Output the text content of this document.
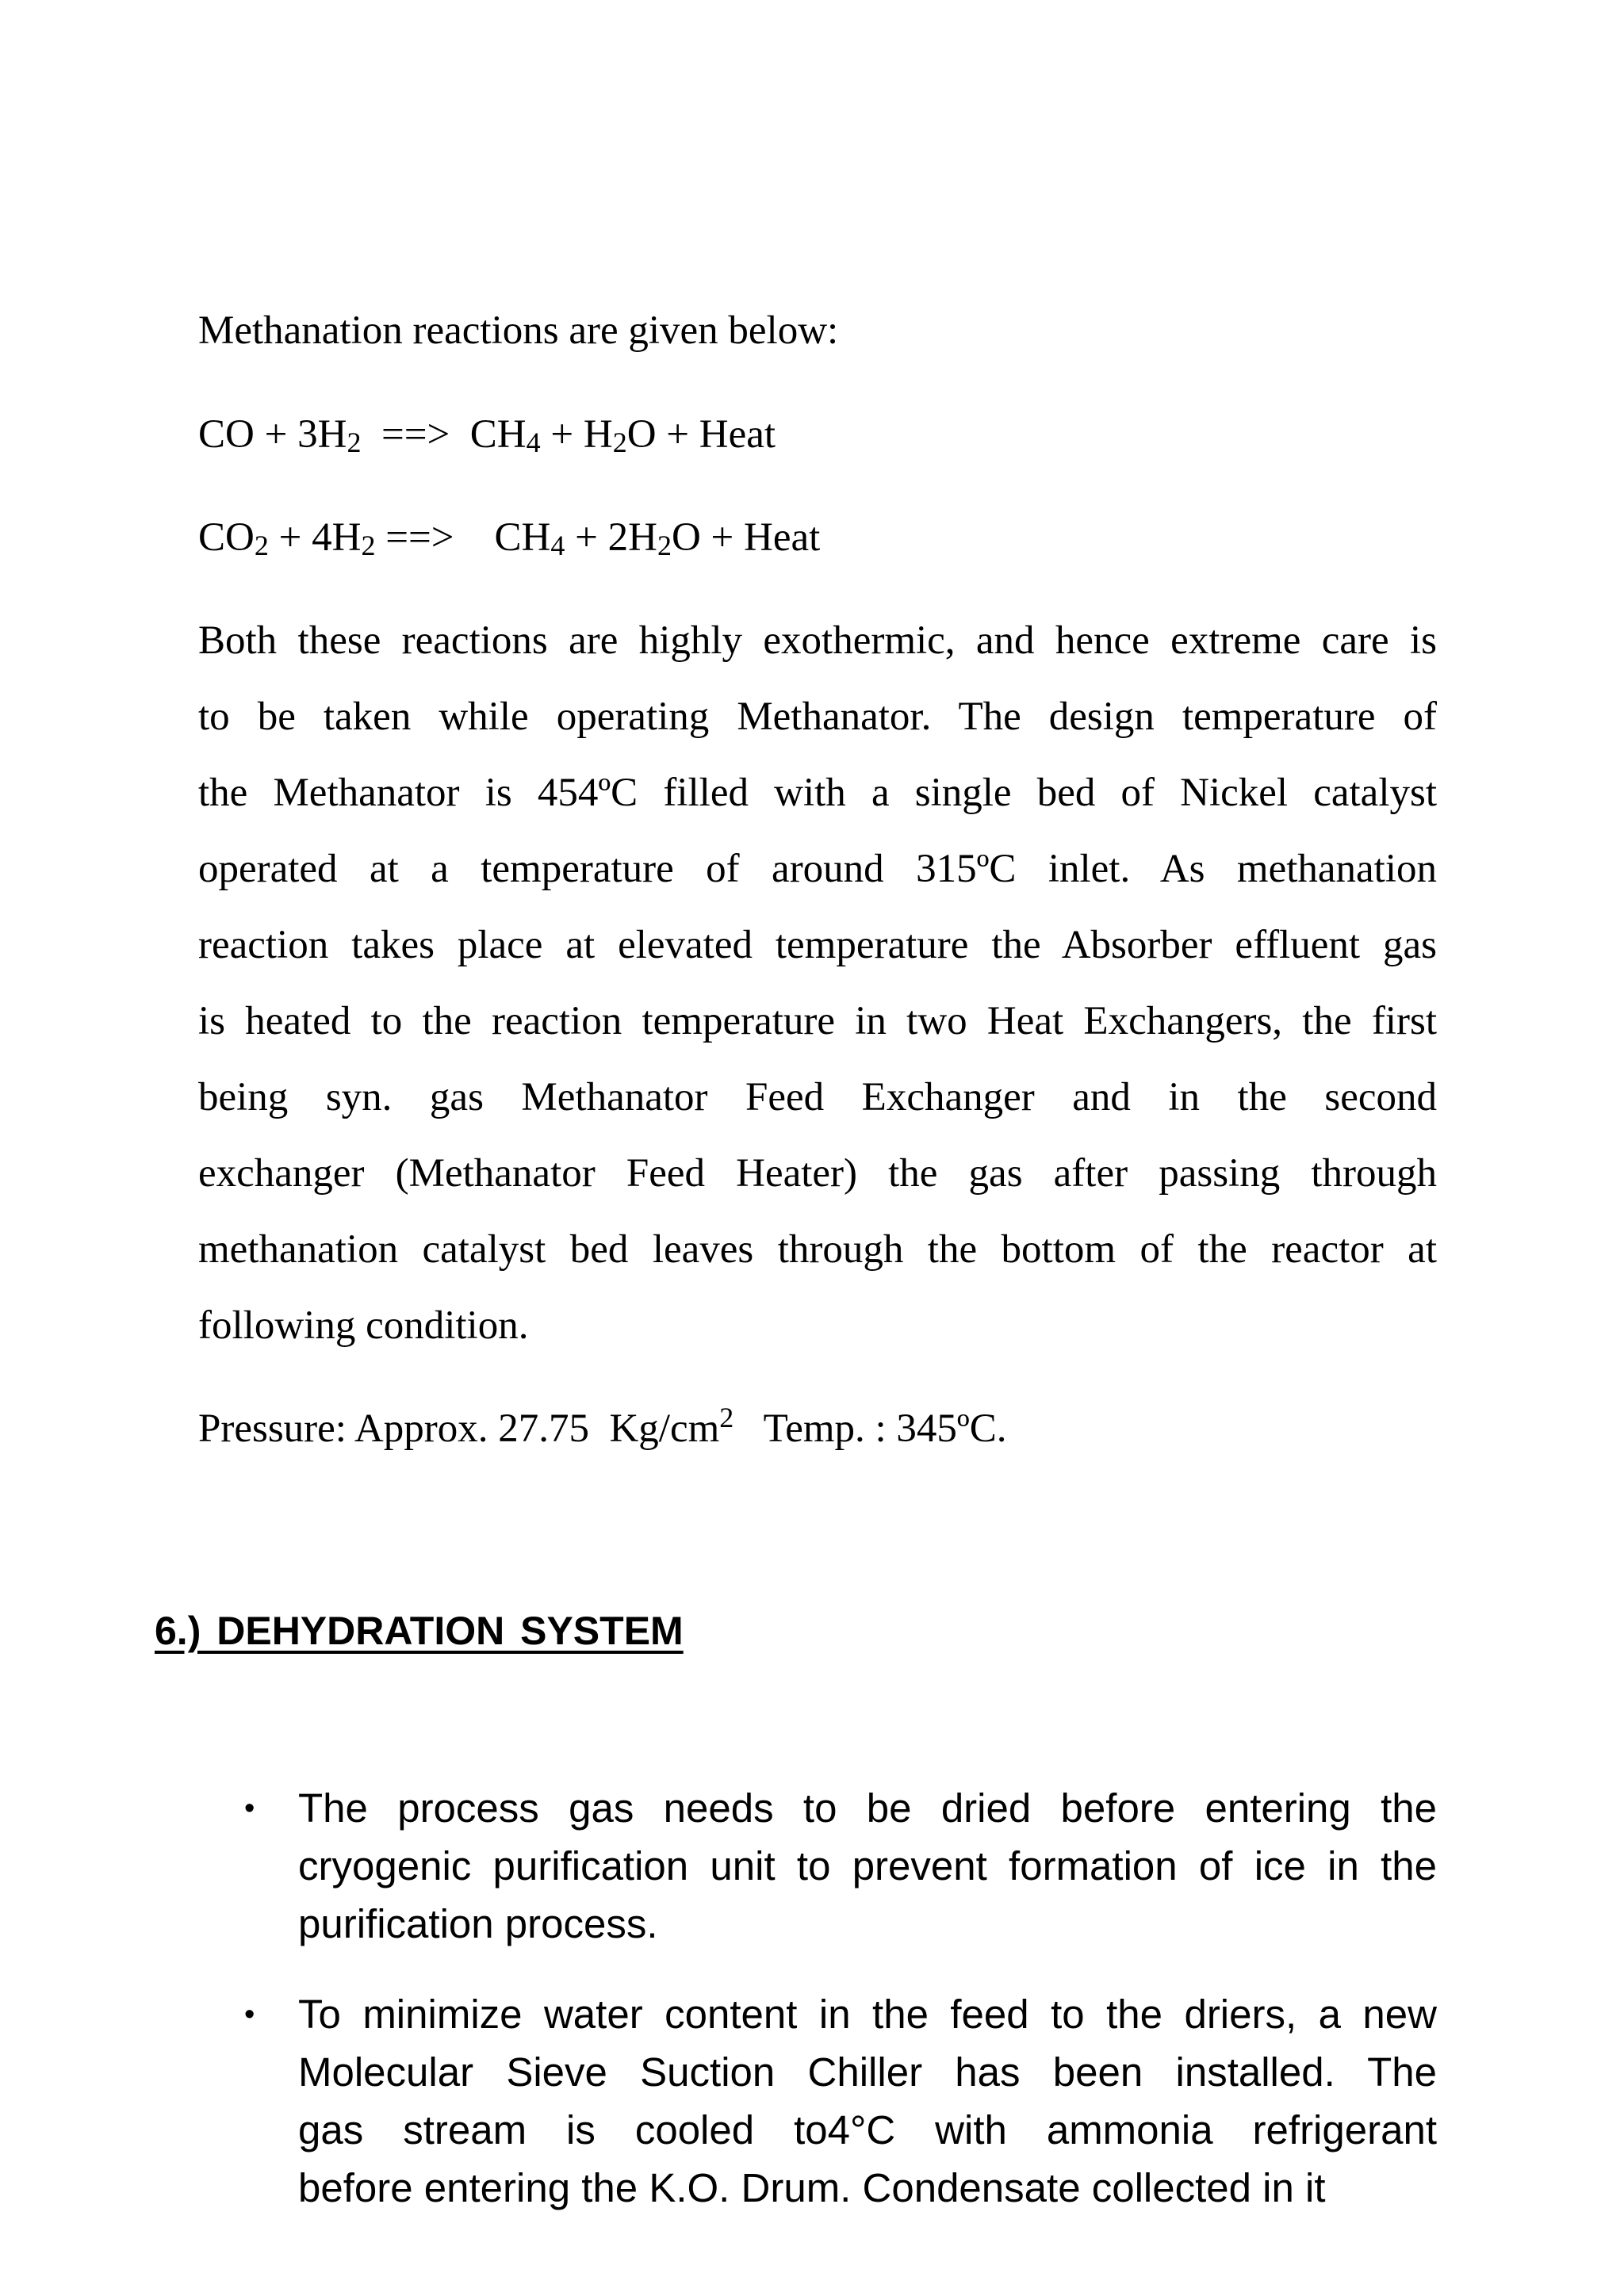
Methanation reactions are given below:
CO + $3H_2$  ==>  $CH_4 + H_2O$ + Heat
$CO_2 + 4H_2$ ==>    $CH_4 + 2H_2O$ + Heat
Both these reactions are highly exothermic, and hence extreme care is
to be taken while operating Methanator. The design temperature of
the Methanator is 454ºC filled with a single bed of Nickel catalyst
operated at a temperature of around 315ºC inlet. As methanation
reaction takes place at elevated temperature the Absorber effluent gas
is heated to the reaction temperature in two Heat Exchangers, the first
being syn. gas Methanator Feed Exchanger and in the second
exchanger (Methanator Feed Heater) the gas after passing through
methanation catalyst bed leaves through the bottom of the reactor at
following condition.
Pressure: Approx. 27.75  $Kg/cm^2$   Temp. : 345ºC.
6.) DEHYDRATION SYSTEM
• The process gas needs to be dried before entering the
cryogenic purification unit to prevent formation of ice in the
purification process.
• To minimize water content in the feed to the driers, a new
Molecular Sieve Suction Chiller has been installed. The
gas stream is cooled to4°C with ammonia refrigerant
before entering the K.O. Drum. Condensate collected in it
